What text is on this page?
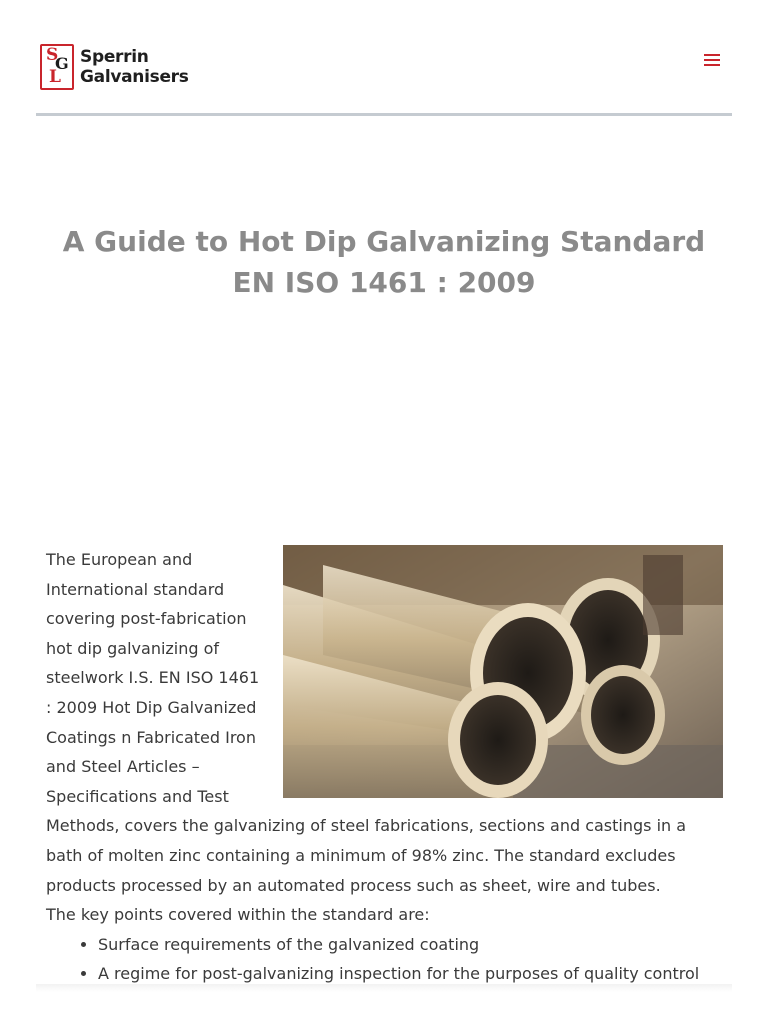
S
G
L
Sperrin
Galvanisers
A Guide to Hot Dip Galvanizing Standard EN ISO 1461 : 2009

The European and International standard covering post-fabrication hot dip galvanizing of steelwork I.S. EN ISO 1461 : 2009 Hot Dip Galvanized Coatings n Fabricated Iron and Steel Articles – Specifications and Test Methods, covers the galvanizing of steel fabrications, sections and castings in a bath of molten zinc containing a minimum of 98% zinc. The standard excludes products processed by an automated process such as sheet, wire and tubes.

The key points covered within the standard are:

• Surface requirements of the galvanized coating
• A regime for post-galvanizing inspection for the purposes of quality control
